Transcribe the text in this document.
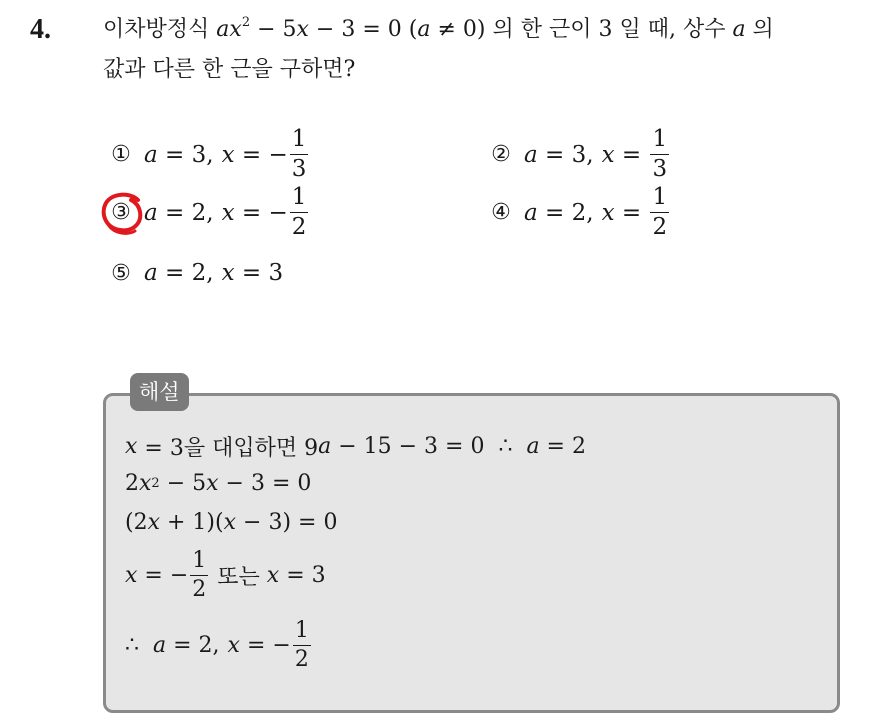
4. 이차방정식 $ax^2 - 5x - 3 = 0$ (a ≠ 0) 의 한 근이 3 일 때, 상수 a 의
값과 다른 한 근을 구하면?
① a = 3 , x = − $\frac{1}{3}$	② a = 3 , $x = \frac{1}{3}$
③ a = 2 , x = − $\frac{1}{2}$	④ a = 2 , $x = \frac{1}{2}$
⑤ a = 2 , x = 3
해설
x = 3을 대입하면 9 a − 15 − 3 = 0  ∴ a = 2
2 x 2 − 5 x − 3 = 0
(2 x + 1)( x − 3) = 0
x = − $\frac{1}{2}$ 또는 x = 3
∴ a = 2, x = − $\frac{1}{2}$
